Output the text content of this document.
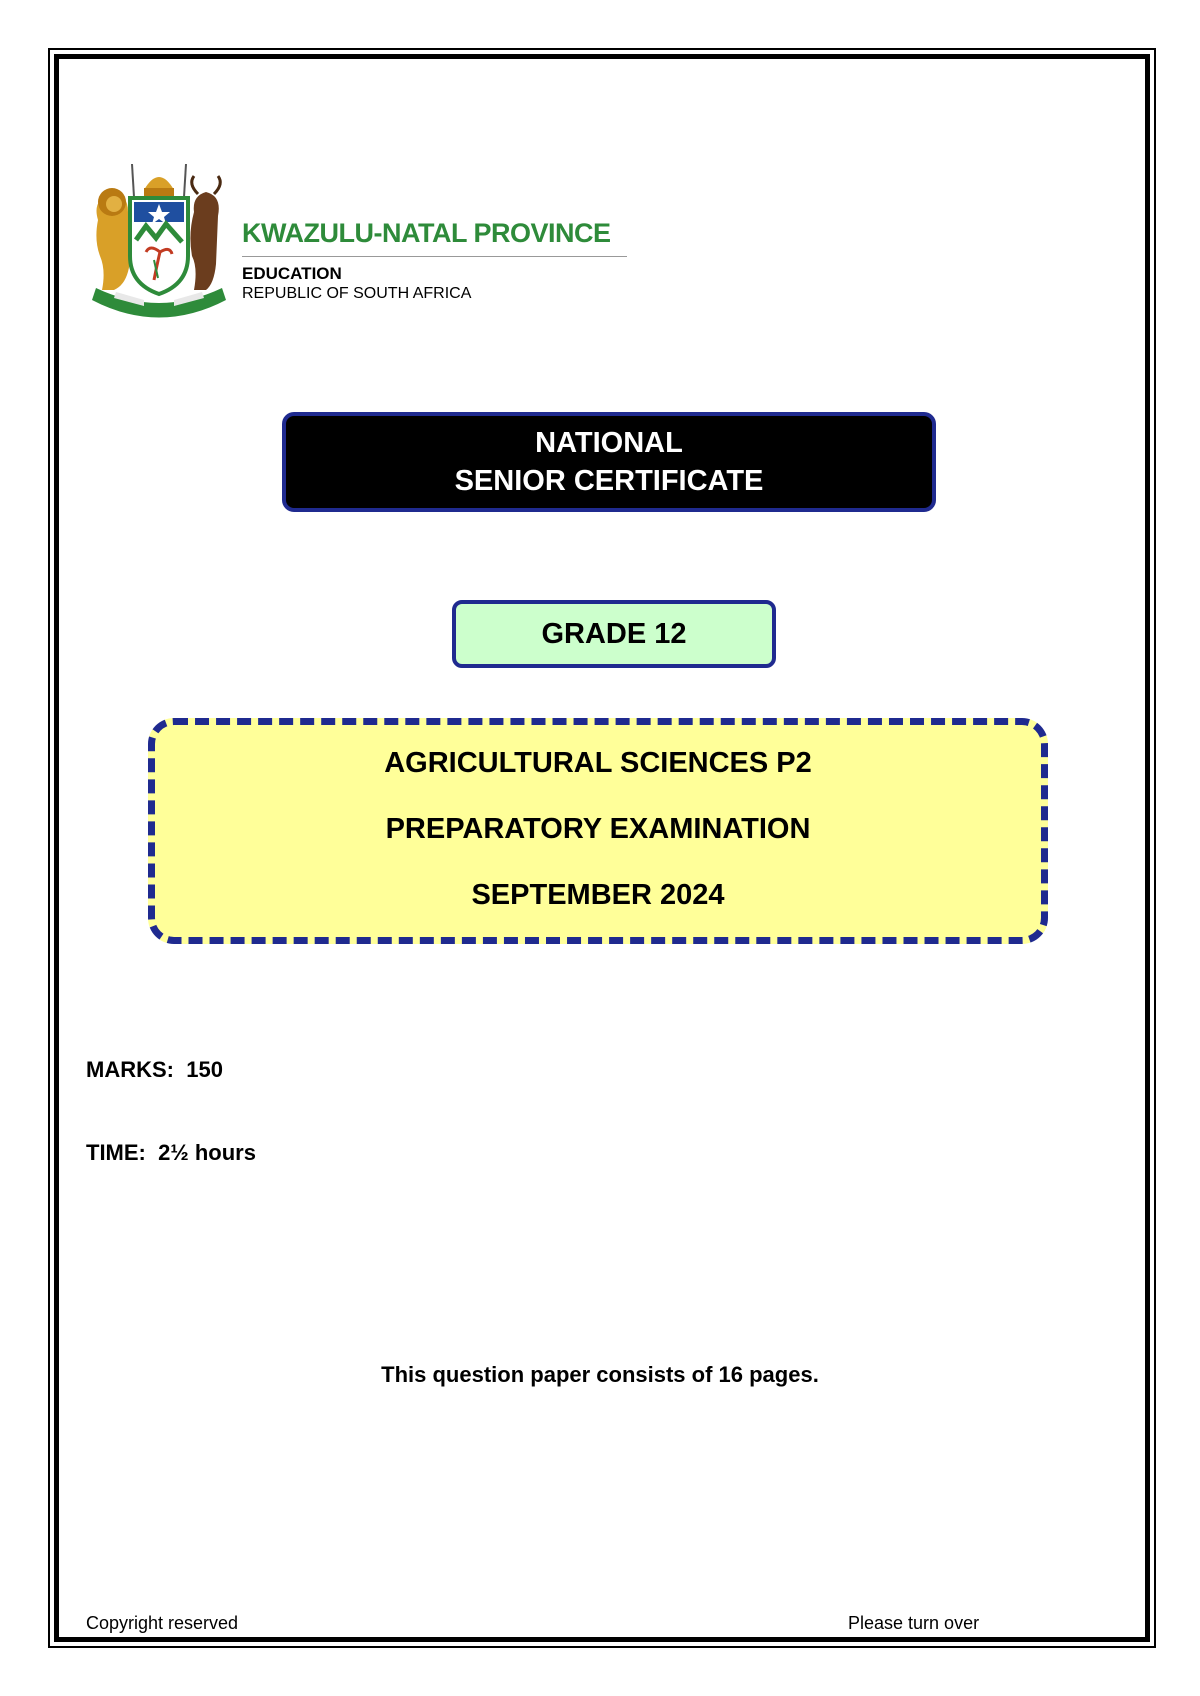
KWAZULU-NATAL PROVINCE
EDUCATION
REPUBLIC OF SOUTH AFRICA
NATIONAL
SENIOR CERTIFICATE
GRADE 12
AGRICULTURAL SCIENCES P2
PREPARATORY EXAMINATION
SEPTEMBER 2024
MARKS: 150
TIME: 2½ hours
This question paper consists of 16 pages.
Copyright reserved	Please turn over
